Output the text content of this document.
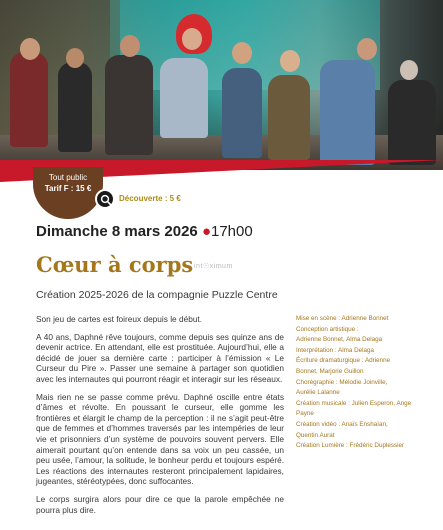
Tout public
Tarif F : 15 €
Découverte : 5 €
Dimanche 8 mars 2026 ●17h00
Cœur à corps int☉ximum
Création 2025-2026 de la compagnie Puzzle Centre

Son jeu de cartes est foireux depuis le début.

A 40 ans, Daphné rêve toujours, comme depuis ses quinze ans de devenir actrice. En attendant, elle est prostituée. Aujourd’hui, elle a décidé de jouer sa dernière carte : participer à l’émission « Le Curseur du Pire ». Passer une semaine à partager son quotidien avec les internautes qui pourront réagir et interagir sur les réseaux.

Mais rien ne se passe comme prévu. Daphné oscille entre états d’âmes et révolte. En poussant le curseur, elle gomme les frontières et élargit le champ de la perception : il ne s’agit peut-être que de femmes et d’hommes traversés par les intempéries de leur vie et prisonniers d’un système de pouvoirs souvent pervers. Elle aimerait pourtant qu’on entende dans sa voix un peu cassée, un peu usée, l’amour, la solitude, le bonheur perdu et toujours espéré. Les réactions des internautes resteront principalement lapidaires, jugeantes, stéréotypées, donc suffocantes.

Le corps surgira alors pour dire ce que la parole empêchée ne pourra plus dire.

Mise en scène : Adrienne Bonnet
Conception artistique :
Adrienne Bonnet, Alma Delaga
Interprétation : Alma Delaga
Écriture dramaturgique : Adrienne
Bonnet, Marjorie Guillon
Chorégraphie : Mélodie Joinville,
Aurélie Lalanne
Création musicale : Julien Esperon, Ange
Payne
Création vidéo : Anaïs Enshaïan,
Quentin Aurat
Création Lumière : Frédéric Duplessier
